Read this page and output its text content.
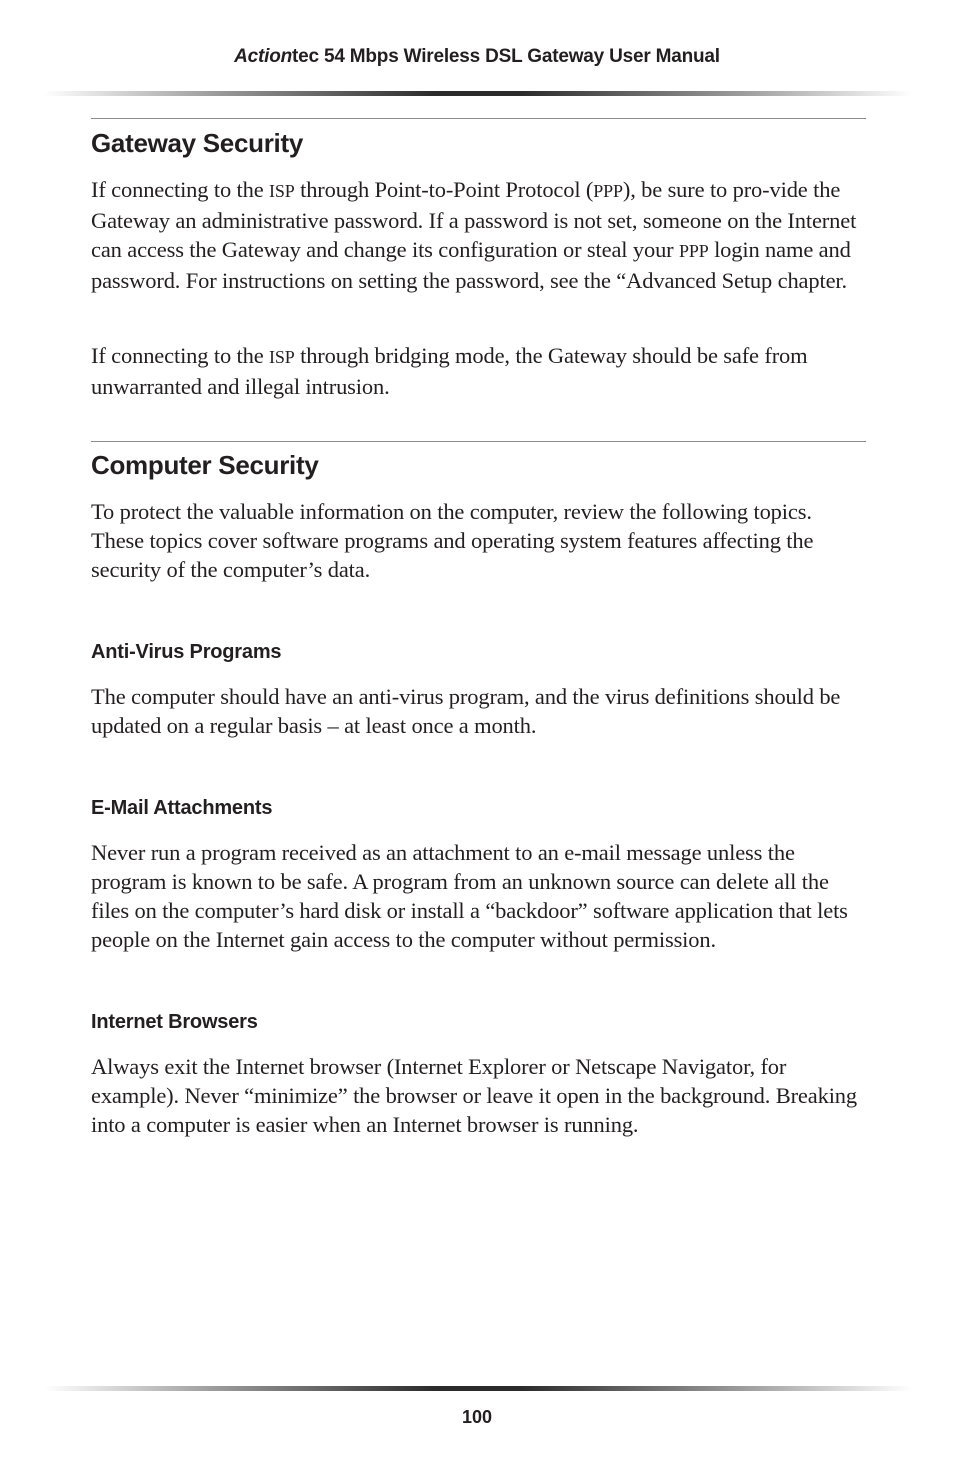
Actiontec 54 Mbps Wireless DSL Gateway User Manual
Gateway Security

If connecting to the ISP through Point-to-Point Protocol (PPP), be sure to pro-vide the Gateway an administrative password. If a password is not set, someone on the Internet can access the Gateway and change its configuration or steal your PPP login name and password. For instructions on setting the password, see the “Advanced Setup chapter.

If connecting to the ISP through bridging mode, the Gateway should be safe from unwarranted and illegal intrusion.

Computer Security

To protect the valuable information on the computer, review the following topics. These topics cover software programs and operating system features affecting the security of the computer’s data.

Anti-Virus Programs

The computer should have an anti-virus program, and the virus definitions should be updated on a regular basis – at least once a month.

E-Mail Attachments

Never run a program received as an attachment to an e-mail message unless the program is known to be safe. A program from an unknown source can delete all the files on the computer’s hard disk or install a “backdoor” software application that lets people on the Internet gain access to the computer without permission.

Internet Browsers

Always exit the Internet browser (Internet Explorer or Netscape Navigator, for example). Never “minimize” the browser or leave it open in the background. Breaking into a computer is easier when an Internet browser is running.

100
